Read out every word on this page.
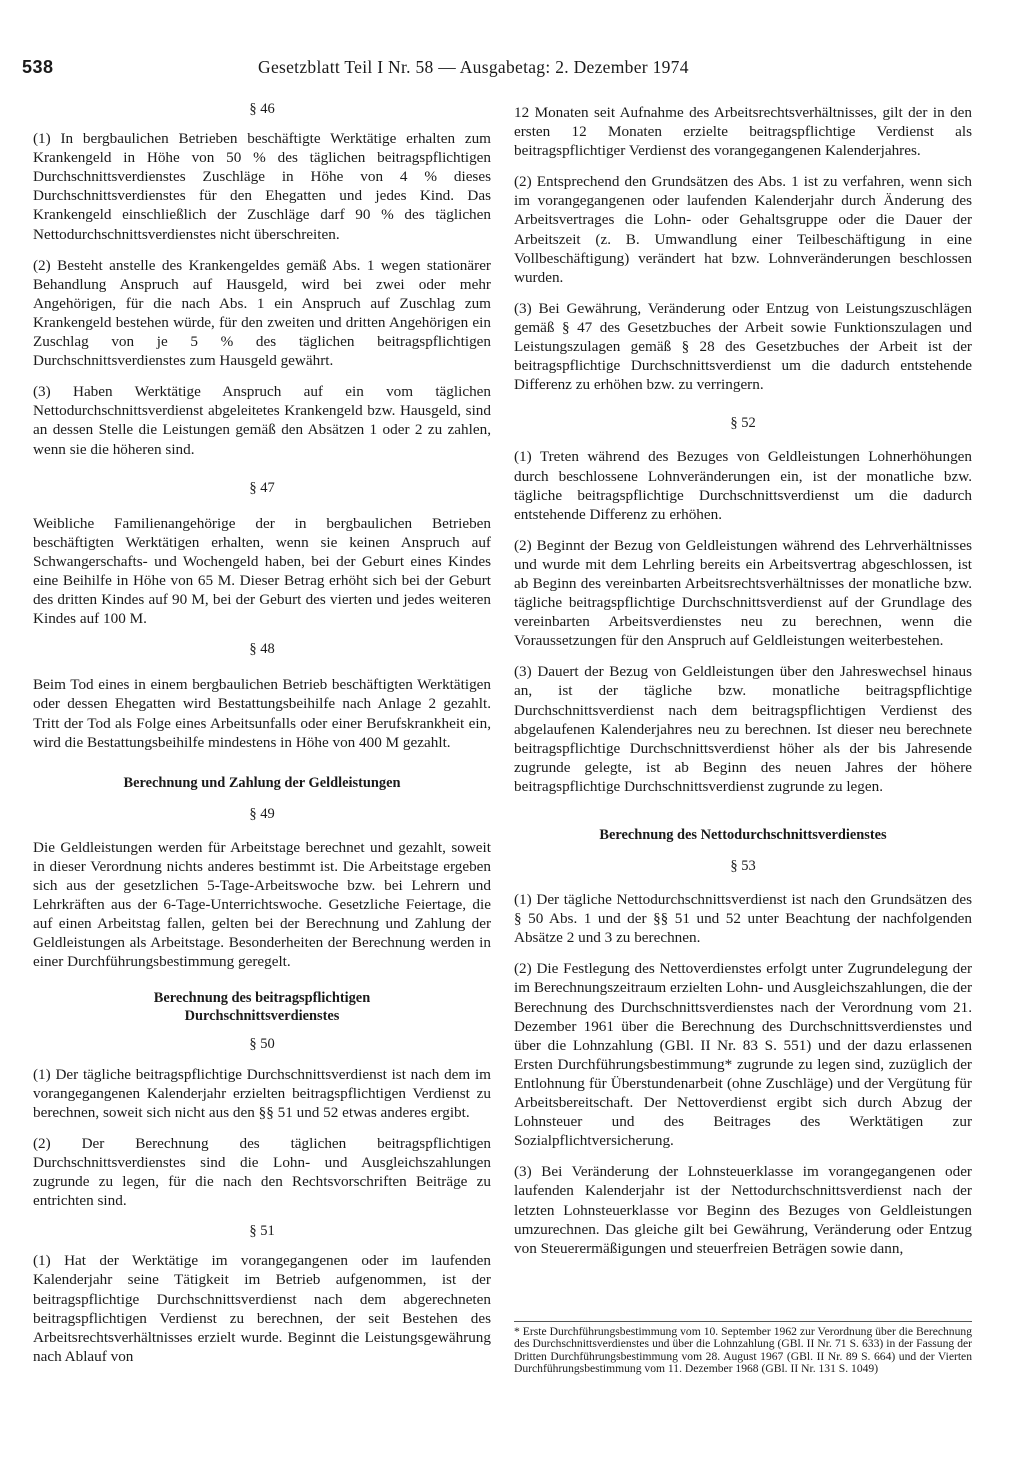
538	Gesetzblatt Teil I Nr. 58 — Ausgabetag: 2. Dezember 1974
§ 46

(1) In bergbaulichen Betrieben beschäftigte Werktätige erhalten zum Krankengeld in Höhe von 50 % des täglichen beitragspflichtigen Durchschnittsverdienstes Zuschläge in Höhe von 4 % dieses Durchschnittsverdienstes für den Ehegatten und jedes Kind. Das Krankengeld einschließlich der Zuschläge darf 90 % des täglichen Nettodurchschnittsverdienstes nicht überschreiten.

(2) Besteht anstelle des Krankengeldes gemäß Abs. 1 wegen stationärer Behandlung Anspruch auf Hausgeld, wird bei zwei oder mehr Angehörigen, für die nach Abs. 1 ein Anspruch auf Zuschlag zum Krankengeld bestehen würde, für den zweiten und dritten Angehörigen ein Zuschlag von je 5 % des täglichen beitragspflichtigen Durchschnittsverdienstes zum Hausgeld gewährt.

(3) Haben Werktätige Anspruch auf ein vom täglichen Nettodurchschnittsverdienst abgeleitetes Krankengeld bzw. Hausgeld, sind an dessen Stelle die Leistungen gemäß den Absätzen 1 oder 2 zu zahlen, wenn sie die höheren sind.

§ 47

Weibliche Familienangehörige der in bergbaulichen Betrieben beschäftigten Werktätigen erhalten, wenn sie keinen Anspruch auf Schwangerschafts- und Wochengeld haben, bei der Geburt eines Kindes eine Beihilfe in Höhe von 65 M. Dieser Betrag erhöht sich bei der Geburt des dritten Kindes auf 90 M, bei der Geburt des vierten und jedes weiteren Kindes auf 100 M.

§ 48

Beim Tod eines in einem bergbaulichen Betrieb beschäftigten Werktätigen oder dessen Ehegatten wird Bestattungsbeihilfe nach Anlage 2 gezahlt. Tritt der Tod als Folge eines Arbeitsunfalls oder einer Berufskrankheit ein, wird die Bestattungsbeihilfe mindestens in Höhe von 400 M gezahlt.

Berechnung und Zahlung der Geldleistungen
§ 49

Die Geldleistungen werden für Arbeitstage berechnet und gezahlt, soweit in dieser Verordnung nichts anderes bestimmt ist. Die Arbeitstage ergeben sich aus der gesetzlichen 5-Tage-Arbeitswoche bzw. bei Lehrern und Lehrkräften aus der 6-Tage-Unterrichtswoche. Gesetzliche Feiertage, die auf einen Arbeitstag fallen, gelten bei der Berechnung und Zahlung der Geldleistungen als Arbeitstage. Besonderheiten der Berechnung werden in einer Durchführungsbestimmung geregelt.

Berechnung des beitragspflichtigen
Durchschnittsverdienstes
§ 50

(1) Der tägliche beitragspflichtige Durchschnittsverdienst ist nach dem im vorangegangenen Kalenderjahr erzielten beitragspflichtigen Verdienst zu berechnen, soweit sich nicht aus den §§ 51 und 52 etwas anderes ergibt.

(2) Der Berechnung des täglichen beitragspflichtigen Durchschnittsverdienstes sind die Lohn- und Ausgleichszahlungen zugrunde zu legen, für die nach den Rechtsvorschriften Beiträge zu entrichten sind.

§ 51

(1) Hat der Werktätige im vorangegangenen oder im laufenden Kalenderjahr seine Tätigkeit im Betrieb aufgenommen, ist der beitragspflichtige Durchschnittsverdienst nach dem abgerechneten beitragspflichtigen Verdienst zu berechnen, der seit Bestehen des Arbeitsrechtsverhältnisses erzielt wurde. Beginnt die Leistungsgewährung nach Ablauf von

12 Monaten seit Aufnahme des Arbeitsrechtsverhältnisses, gilt der in den ersten 12 Monaten erzielte beitragspflichtige Verdienst als beitragspflichtiger Verdienst des vorangegangenen Kalenderjahres.

(2) Entsprechend den Grundsätzen des Abs. 1 ist zu verfahren, wenn sich im vorangegangenen oder laufenden Kalenderjahr durch Änderung des Arbeitsvertrages die Lohn- oder Gehaltsgruppe oder die Dauer der Arbeitszeit (z. B. Umwandlung einer Teilbeschäftigung in eine Vollbeschäftigung) verändert hat bzw. Lohnveränderungen beschlossen wurden.

(3) Bei Gewährung, Veränderung oder Entzug von Leistungszuschlägen gemäß § 47 des Gesetzbuches der Arbeit sowie Funktionszulagen und Leistungszulagen gemäß § 28 des Gesetzbuches der Arbeit ist der beitragspflichtige Durchschnittsverdienst um die dadurch entstehende Differenz zu erhöhen bzw. zu verringern.

§ 52

(1) Treten während des Bezuges von Geldleistungen Lohnerhöhungen durch beschlossene Lohnveränderungen ein, ist der monatliche bzw. tägliche beitragspflichtige Durchschnittsverdienst um die dadurch entstehende Differenz zu erhöhen.

(2) Beginnt der Bezug von Geldleistungen während des Lehrverhältnisses und wurde mit dem Lehrling bereits ein Arbeitsvertrag abgeschlossen, ist ab Beginn des vereinbarten Arbeitsrechtsverhältnisses der monatliche bzw. tägliche beitragspflichtige Durchschnittsverdienst auf der Grundlage des vereinbarten Arbeitsverdienstes neu zu berechnen, wenn die Voraussetzungen für den Anspruch auf Geldleistungen weiterbestehen.

(3) Dauert der Bezug von Geldleistungen über den Jahreswechsel hinaus an, ist der tägliche bzw. monatliche beitragspflichtige Durchschnittsverdienst nach dem beitragspflichtigen Verdienst des abgelaufenen Kalenderjahres neu zu berechnen. Ist dieser neu berechnete beitragspflichtige Durchschnittsverdienst höher als der bis Jahresende zugrunde gelegte, ist ab Beginn des neuen Jahres der höhere beitragspflichtige Durchschnittsverdienst zugrunde zu legen.

Berechnung des Nettodurchschnittsverdienstes
§ 53

(1) Der tägliche Nettodurchschnittsverdienst ist nach den Grundsätzen des § 50 Abs. 1 und der §§ 51 und 52 unter Beachtung der nachfolgenden Absätze 2 und 3 zu berechnen.

(2) Die Festlegung des Nettoverdienstes erfolgt unter Zugrundelegung der im Berechnungszeitraum erzielten Lohn- und Ausgleichszahlungen, die der Berechnung des Durchschnittsverdienstes nach der Verordnung vom 21. Dezember 1961 über die Berechnung des Durchschnittsverdienstes und über die Lohnzahlung (GBl. II Nr. 83 S. 551) und der dazu erlassenen Ersten Durchführungsbestimmung* zugrunde zu legen sind, zuzüglich der Entlohnung für Überstundenarbeit (ohne Zuschläge) und der Vergütung für Arbeitsbereitschaft. Der Nettoverdienst ergibt sich durch Abzug der Lohnsteuer und des Beitrages des Werktätigen zur Sozialpflichtversicherung.

(3) Bei Veränderung der Lohnsteuerklasse im vorangegangenen oder laufenden Kalenderjahr ist der Nettodurchschnittsverdienst nach der letzten Lohnsteuerklasse vor Beginn des Bezuges von Geldleistungen umzurechnen. Das gleiche gilt bei Gewährung, Veränderung oder Entzug von Steuerermäßigungen und steuerfreien Beträgen sowie dann,

* Erste Durchführungsbestimmung vom 10. September 1962 zur Verordnung über die Berechnung des Durchschnittsverdienstes und über die Lohnzahlung (GBl. II Nr. 71 S. 633) in der Fassung der Dritten Durchführungsbestimmung vom 28. August 1967 (GBl. II Nr. 89 S. 664) und der Vierten Durchführungsbestimmung vom 11. Dezember 1968 (GBl. II Nr. 131 S. 1049)
